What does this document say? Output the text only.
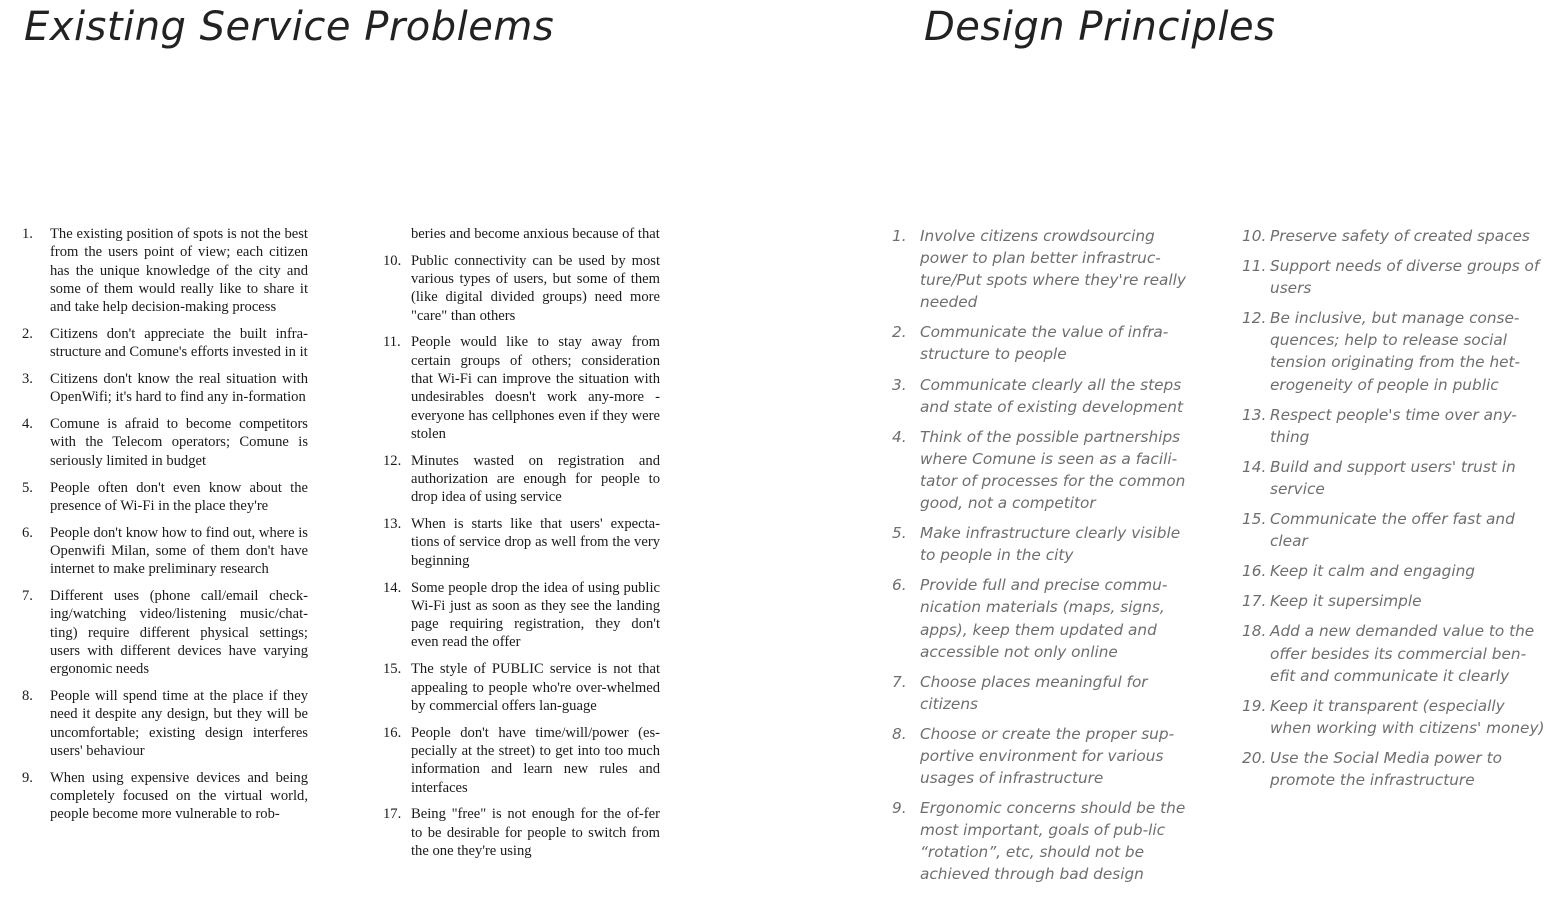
Existing Service Problems	Design Principles
1. The existing position of spots is not the best from the users point of view; each citizen has the unique knowledge of the city and some of them would really like to share it and take help decision-making process
2. Citizens don't appreciate the built infra-structure and Comune's efforts invested in it
3. Citizens don't know the real situation with OpenWifi; it's hard to find any in-formation
4. Comune is afraid to become competitors with the Telecom operators; Comune is seriously limited in budget
5. People often don't even know about the presence of Wi-Fi in the place they're
6. People don't know how to find out, where is Openwifi Milan, some of them don't have internet to make preliminary research
7. Different uses (phone call/email check-ing/watching video/listening music/chat-ting) require different physical settings; users with different devices have varying ergonomic needs
8. People will spend time at the place if they need it despite any design, but they will be uncomfortable; existing design interferes users' behaviour
9. When using expensive devices and being completely focused on the virtual world, people become more vulnerable to rob-

beries and become anxious because of that

10. Public connectivity can be used by most various types of users, but some of them (like digital divided groups) need more "care" than others
11. People would like to stay away from certain groups of others; consideration that Wi-Fi can improve the situation with undesirables doesn't work any-more - everyone has cellphones even if they were stolen
12. Minutes wasted on registration and authorization are enough for people to drop idea of using service
13. When is starts like that users' expecta-tions of service drop as well from the very beginning
14. Some people drop the idea of using public Wi-Fi just as soon as they see the landing page requiring registration, they don't even read the offer
15. The style of PUBLIC service is not that appealing to people who're over-whelmed by commercial offers lan-guage
16. People don't have time/will/power (es-pecially at the street) to get into too much information and learn new rules and interfaces
17. Being "free" is not enough for the of-fer to be desirable for people to switch from the one they're using
1. Involve citizens crowdsourcing power to plan better infrastruc-ture/Put spots where they're really needed
2. Communicate the value of infra-structure to people
3. Communicate clearly all the steps and state of existing development
4. Think of the possible partnerships where Comune is seen as a facili-tator of processes for the common good, not a competitor
5. Make infrastructure clearly visible to people in the city
6. Provide full and precise commu-nication materials (maps, signs, apps), keep them updated and accessible not only online
7. Choose places meaningful for citizens
8. Choose or create the proper sup-portive environment for various usages of infrastructure
9. Ergonomic concerns should be the most important, goals of pub-lic “rotation”, etc, should not be achieved through bad design
10. Preserve safety of created spaces
11. Support needs of diverse groups of users
12. Be inclusive, but manage conse-quences; help to release social tension originating from the het-erogeneity of people in public
13. Respect people's time over any-thing
14. Build and support users' trust in service
15. Communicate the offer fast and clear
16. Keep it calm and engaging
17. Keep it supersimple
18. Add a new demanded value to the offer besides its commercial ben-efit and communicate it clearly
19. Keep it transparent (especially when working with citizens' money)
20. Use the Social Media power to promote the infrastructure
